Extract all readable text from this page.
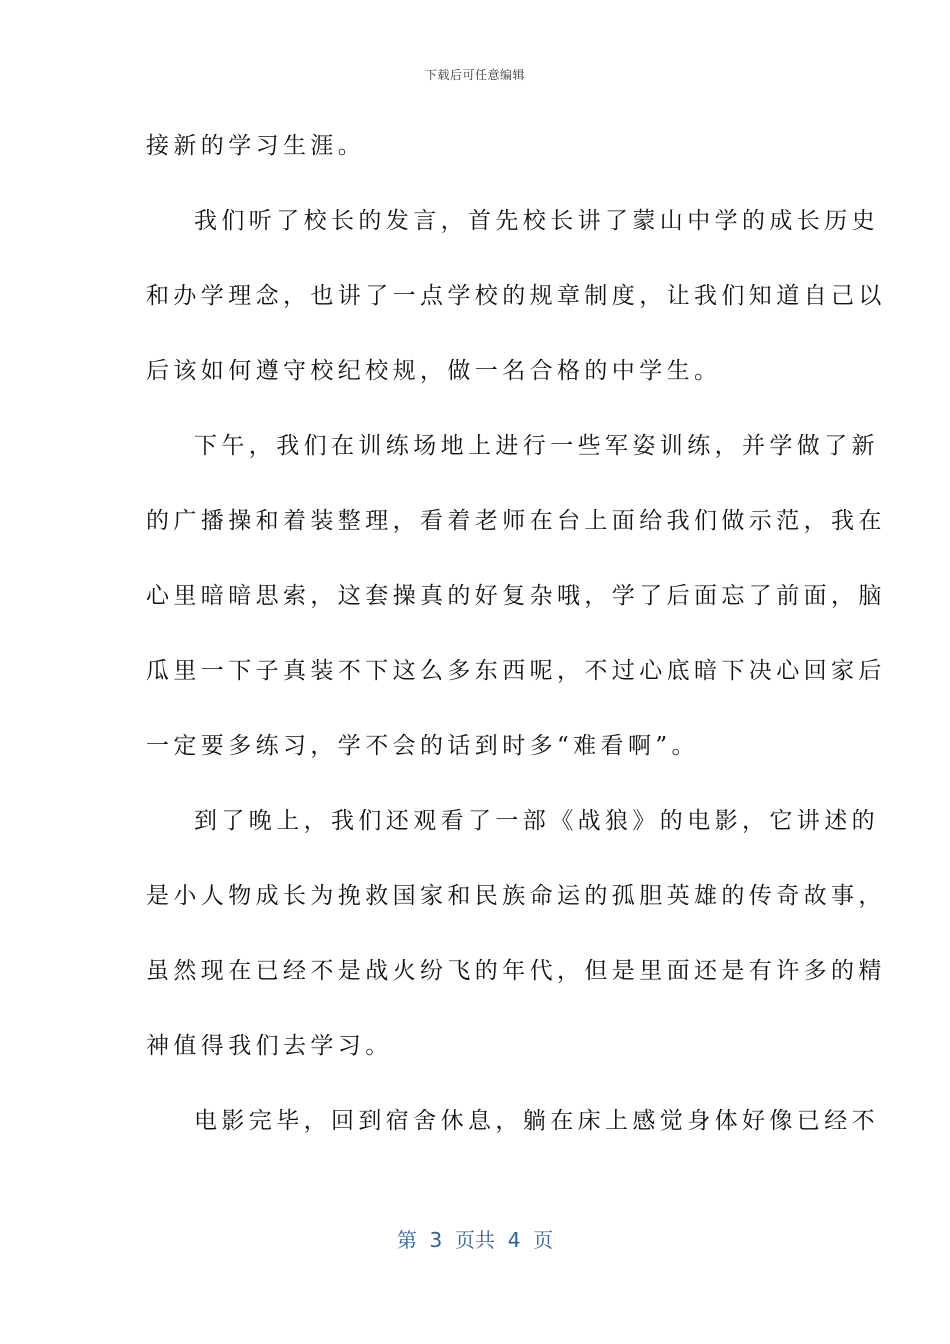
下载后可任意编辑
接新的学习生涯。
我们听了校长的发言，首先校长讲了蒙山中学的成长历史
和办学理念，也讲了一点学校的规章制度，让我们知道自己以
后该如何遵守校纪校规，做一名合格的中学生。
下午，我们在训练场地上进行一些军姿训练，并学做了新
的广播操和着装整理，看着老师在台上面给我们做示范，我在
心里暗暗思索，这套操真的好复杂哦，学了后面忘了前面，脑
瓜里一下子真装不下这么多东西呢，不过心底暗下决心回家后
一定要多练习，学不会的话到时多“难看啊”。
到了晚上，我们还观看了一部《战狼》的电影，它讲述的
是小人物成长为挽救国家和民族命运的孤胆英雄的传奇故事，
虽然现在已经不是战火纷飞的年代，但是里面还是有许多的精
神值得我们去学习。
电影完毕，回到宿舍休息，躺在床上感觉身体好像已经不
第  3  页共  4  页
